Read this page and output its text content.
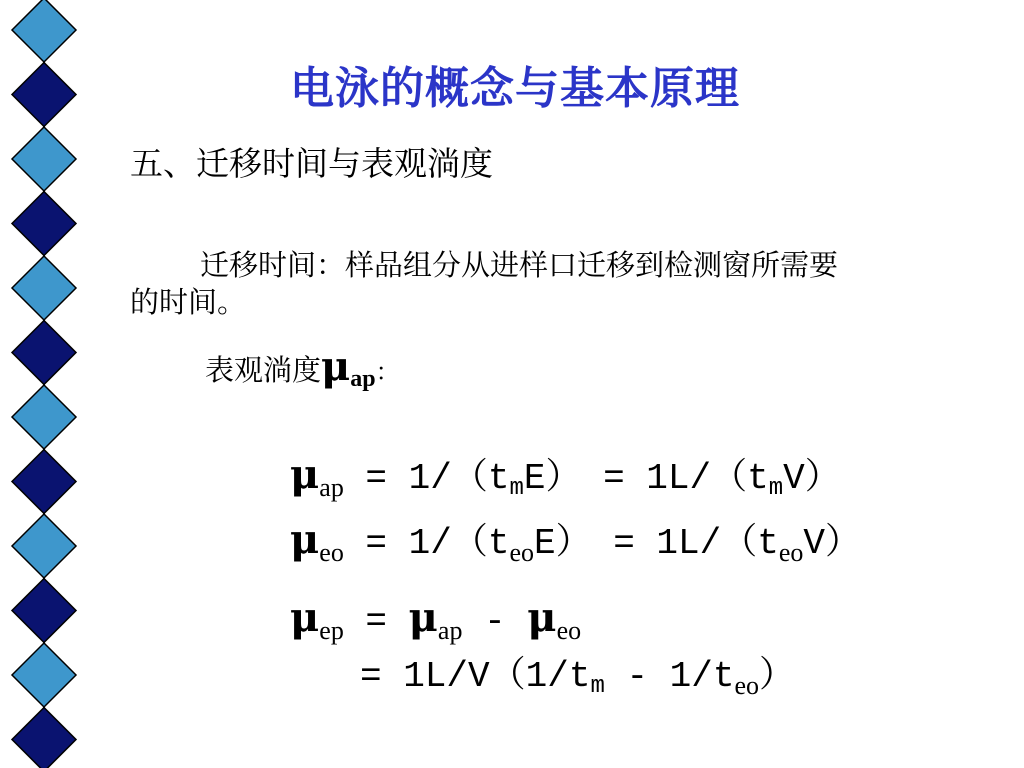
电泳的概念与基本原理
五、迁移时间与表观淌度
迁移时间：样品组分从进样口迁移到检测窗所需要
的时间。
表观淌度$\mu_{ap}$：
$\mu_{ap} = 1/(tmE) = 1L/(tmV)$
$\mu_{eo} = 1/(t_{eo}E) = 1L/(t_{eo}V)$
$\mu_{ep} = \mu_{ap} - \mu_{eo}$
= $1L/V(1/tm - 1/t_{eo})$
